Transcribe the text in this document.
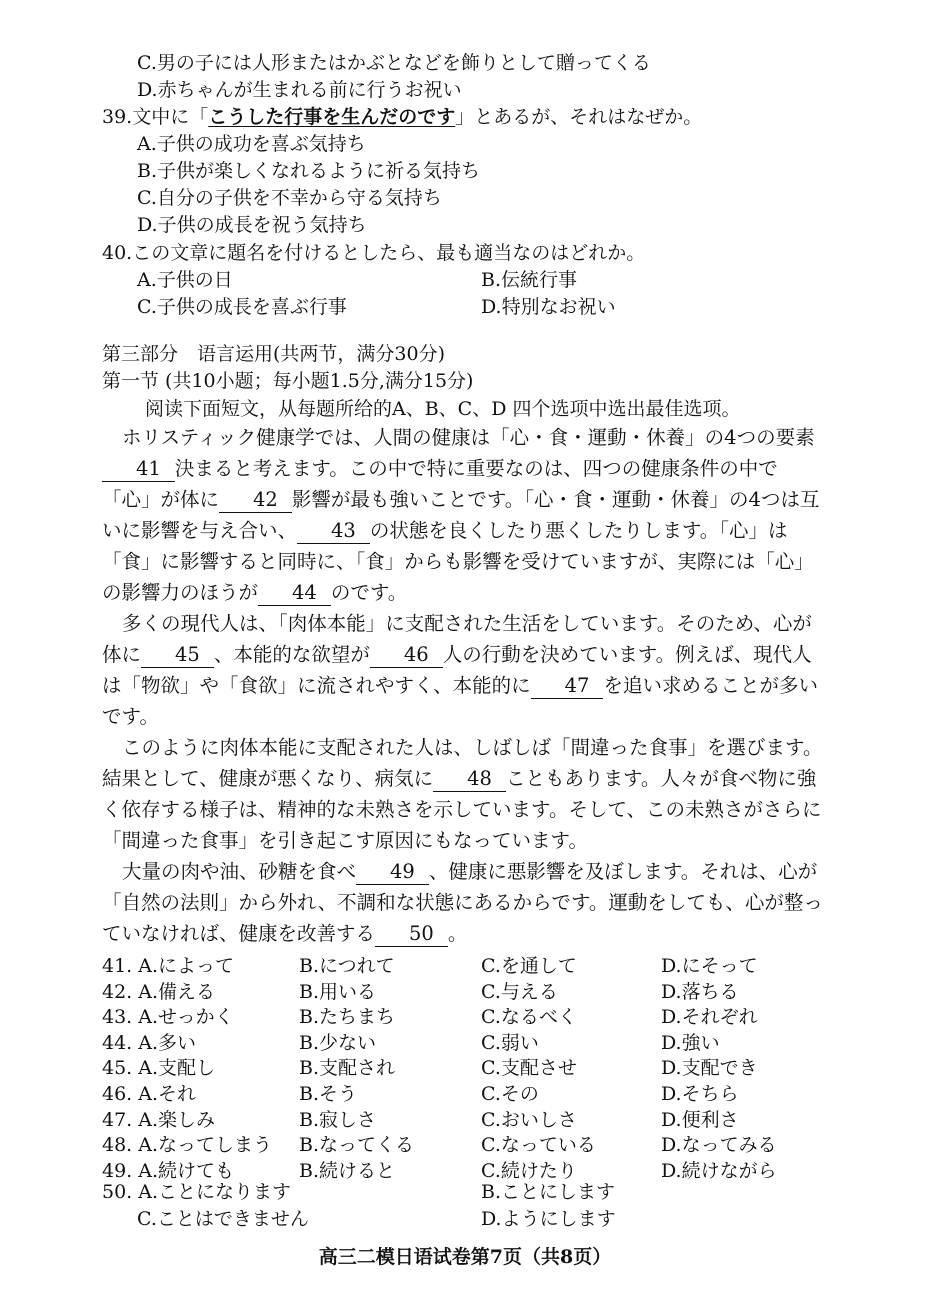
C.男の子には人形またはかぶとなどを飾りとして贈ってくる
D.赤ちゃんが生まれる前に行うお祝い
39.文中に「こうした行事を生んだのです」とあるが、それはなぜか。
A.子供の成功を喜ぶ気持ち
B.子供が楽しくなれるように祈る気持ち
C.自分の子供を不幸から守る気持ち
D.子供の成長を祝う気持ち
40.この文章に題名を付けるとしたら、最も適当なのはどれか。
A.子供の日	B.伝統行事
C.子供の成長を喜ぶ行事	D.特別なお祝い
第三部分　语言运用(共两节，满分30分)
第一节 (共10小题；每小题1.5分,满分15分)
阅读下面短文，从每题所给的A、B、C、D 四个选项中选出最佳选项。

ホリスティック健康学では、人間の健康は「心・食・運動・休養」の4つの要素41 決まると考えます。この中で特に重要なのは、四つの健康条件の中で「心」が体に 42 影響が最も強いことです。「心・食・運動・休養」の4つは互いに影響を与え合い、 43 の状態を良くしたり悪くしたりします。「心」は「食」に影響すると同時に、「食」からも影響を受けていますが、実際には「心」の影響力のほうが 44 のです。

多くの現代人は、「肉体本能」に支配された生活をしています。そのため、心が体に 45 、本能的な欲望が 46 人の行動を決めています。例えば、現代人は「物欲」や「食欲」に流されやすく、本能的に 47 を追い求めることが多いです。

このように肉体本能に支配された人は、しばしば「間違った食事」を選びます。結果として、健康が悪くなり、病気に 48 こともあります。人々が食べ物に強く依存する様子は、精神的な未熟さを示しています。そして、この未熟さがさらに「間違った食事」を引き起こす原因にもなっています。

大量の肉や油、砂糖を食べ 49 、健康に悪影響を及ぼします。それは、心が「自然の法則」から外れ、不調和な状態にあるからです。運動をしても、心が整っていなければ、健康を改善する 50 。

41. A.によって	B.につれて	C.を通して	D.にそって
42. A.備える	B.用いる	C.与える	D.落ちる
43. A.せっかく	B.たちまち	C.なるべく	D.それぞれ
44. A.多い	B.少ない	C.弱い	D.強い
45. A.支配し	B.支配され	C.支配させ	D.支配でき
46. A.それ	B.そう	C.その	D.そちら
47. A.楽しみ	B.寂しさ	C.おいしさ	D.便利さ
48. A.なってしまう B.なってくる	C.なっている	D.なってみる
49. A.続けても	B.続けると	C.続けたり	D.続けながら
50. A.ことになります	B.ことにします
C.ことはできません	D.ようにします
高三二模日语试卷第7页（共8页）
